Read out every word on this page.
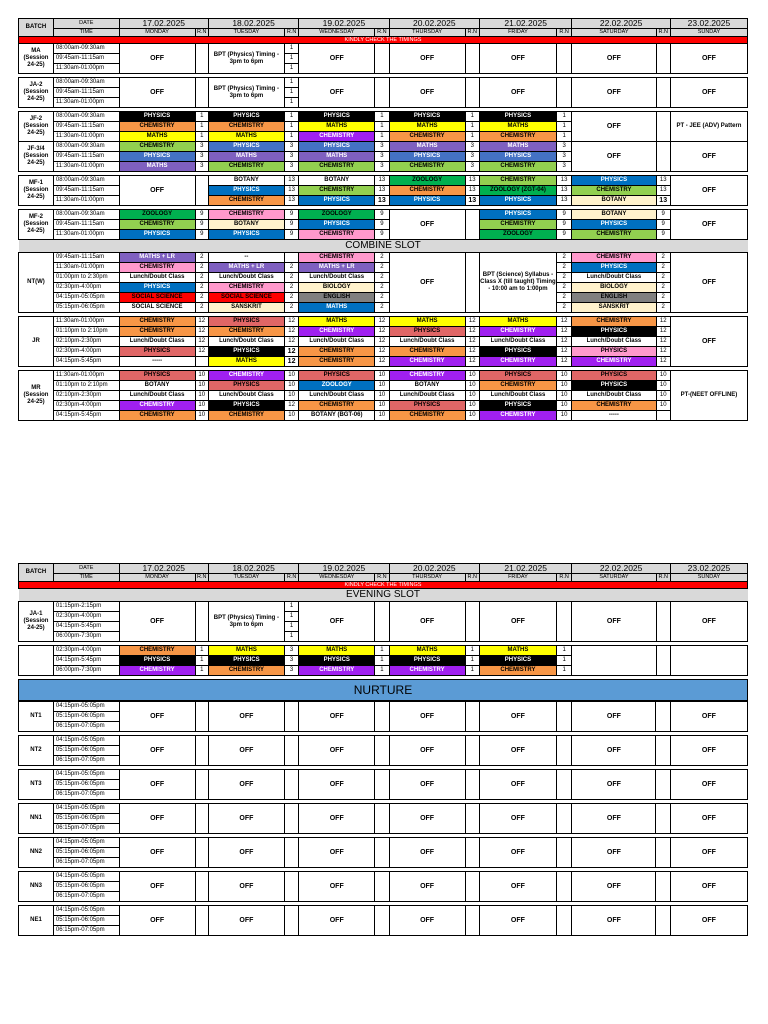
BATCH	DATE	17.02.2025		18.02.2025		19.02.2025		20.02.2025		21.02.2025		22.02.2025		23.02.2025
	TIME	MONDAY	R.N	TUESDAY	R.N	WEDNESDAY	R.N	THURSDAY	R.N	FRIDAY	R.N	SATURDAY	R.N	SUNDAY
KINDLY CHECK THE TIMINGS														
MA (Session 24-25)	08:00am-09:30am	OFF		BPT (Physics) Timing - 3pm to 6pm	1	OFF		OFF		OFF		OFF		OFF
	09:45am-11:15am				1									
	11:30am-01:00pm				1									

JA-2 (Session 24-25)	08:00am-09:30am	OFF		BPT (Physics) Timing - 3pm to 6pm	1	OFF		OFF		OFF		OFF		OFF
	09:45am-11:15am				1									
	11:30am-01:00pm				1									

JF-2 (Session 24-25)	08:00am-09:30am	PHYSICS	1	PHYSICS	1	PHYSICS	1	PHYSICS	1	PHYSICS	1	OFF		PT - JEE (ADV) Pattern
	09:45am-11:15am	CHEMISTRY	1	CHEMISTRY	1	MATHS	1	MATHS	1	MATHS	1			
	11:30am-01:00pm	MATHS	1	MATHS	1	CHEMISTRY	1	CHEMISTRY	1	CHEMISTRY	1			
JF-3/4 (Session 24-25)	08:00am-09:30am	CHEMISTRY	3	PHYSICS	3	PHYSICS	3	MATHS	3	MATHS	3	OFF		OFF
	09:45am-11:15am	PHYSICS	3	MATHS	3	MATHS	3	PHYSICS	3	PHYSICS	3			
	11:30am-01:00pm	MATHS	3	CHEMISTRY	3	CHEMISTRY	3	CHEMISTRY	3	CHEMISTRY	3			

MF-1 (Session 24-25)	08:00am-09:30am	OFF		BOTANY	13	BOTANY	13	ZOOLOGY	13	CHEMISTRY	13	PHYSICS	13	OFF
	09:45am-11:15am			PHYSICS	13	CHEMISTRY	13	CHEMISTRY	13	ZOOLOGY (ZGT-04)	13	CHEMISTRY	13	
	11:30am-01:00pm			CHEMISTRY	13	PHYSICS	13	PHYSICS	13	PHYSICS	13	BOTANY	13	

MF-2 (Session 24-25)	08:00am-09:30am	ZOOLOGY	9	CHEMISTRY	9	ZOOLOGY	9	OFF		PHYSICS	9	BOTANY	9	OFF
	09:45am-11:15am	CHEMISTRY	9	BOTANY	9	PHYSICS	9			CHEMISTRY	9	PHYSICS	9	
	11:30am-01:00pm	PHYSICS	9	PHYSICS	9	CHEMISTRY	9			ZOOLOGY	9	CHEMISTRY	9	
COMBINE SLOT														
NT(W)	09:45am-11:15am	MATHS + LR	2	--		CHEMISTRY	2	OFF		BPT (Science) Syllabus - Class X (till taught) Timing - 10:00 am to 1:00pm	2	CHEMISTRY	2	OFF
	11:30am-01:00pm	CHEMISTRY	2	MATHS + LR	2	MATHS + LR	2				2	PHYSICS	2	
	01:00pm to 2:30pm	Lunch/Doubt Class	2	Lunch/Doubt Class	2	Lunch/Doubt Class	2				2	Lunch/Doubt Class	2	
	02:30pm-4:00pm	PHYSICS	2	CHEMISTRY	2	BIOLOGY	2				2	BIOLOGY	2	
	04:15pm-05:05pm	SOCIAL SCIENCE	2	SOCIAL SCIENCE	2	ENGLISH	2				2	ENGLISH	2	
	05:15pm-06:05pm	SOCIAL SCIENCE	2	SANSKRIT	2	MATHS	2				2	SANSKRIT	2	

JR	11:30am-01:00pm	CHEMISTRY	12	PHYSICS	12	MATHS	12	MATHS	12	MATHS	12	CHEMISTRY	12	OFF
	01:10pm to 2:10pm	CHEMISTRY	12	CHEMISTRY	12	CHEMISTRY	12	PHYSICS	12	CHEMISTRY	12	PHYSICS	12	
	02:10pm-2:30pm	Lunch/Doubt Class	12	Lunch/Doubt Class	12	Lunch/Doubt Class	12	Lunch/Doubt Class	12	Lunch/Doubt Class	12	Lunch/Doubt Class	12	
	02:30pm-4:00pm	PHYSICS	12	PHYSICS	12	CHEMISTRY	12	CHEMISTRY	12	PHYSICS	12	PHYSICS	12	
	04:15pm-5:45pm	-----		MATHS	12	CHEMISTRY	12	CHEMISTRY	12	CHEMISTRY	12	CHEMISTRY	12	

MR (Session 24-25)	11:30am-01:00pm	PHYSICS	10	CHEMISTRY	10	PHYSICS	10	CHEMISTRY	10	PHYSICS	10	PHYSICS	10	PT-(NEET OFFLINE)
	01:10pm to 2:10pm	BOTANY	10	PHYSICS	10	ZOOLOGY	10	BOTANY	10	CHEMISTRY	10	PHYSICS	10	
	02:10pm-2:30pm	Lunch/Doubt Class	10	Lunch/Doubt Class	10	Lunch/Doubt Class	10	Lunch/Doubt Class	10	Lunch/Doubt Class	10	Lunch/Doubt Class	10	
	02:30pm-4:00pm	CHEMISTRY	10	PHYSICS	12	CHEMISTRY	10	PHYSICS	10	PHYSICS	10	CHEMISTRY	10	
	04:15pm-5:45pm	CHEMISTRY	10	CHEMISTRY	10	BOTANY (BGT-06)	10	CHEMISTRY	10	CHEMISTRY	10	-----		
BATCH	DATE	17.02.2025		18.02.2025		19.02.2025		20.02.2025		21.02.2025		22.02.2025		23.02.2025
	TIME	MONDAY	R.N	TUESDAY	R.N	WEDNESDAY	R.N	THURSDAY	R.N	FRIDAY	R.N	SATURDAY	R.N	SUNDAY
KINDLY CHECK THE TIMINGS														
EVENING SLOT														
JA-1 (Session 24-25)	01:15pm-2:15pm	OFF		BPT (Physics) Timing - 3pm to 6pm	1	OFF		OFF		OFF		OFF		OFF
	02:30pm-4:00pm				1									
	04:15pm-5:45pm				1									
	06:00pm-7:30pm				1									

	02:30pm-4:00pm	CHEMISTRY	1	MATHS	3	MATHS	1	MATHS	1	MATHS	1			
	04:15pm-5:45pm	PHYSICS	1	PHYSICS	3	PHYSICS	1	PHYSICS	1	PHYSICS	1			
	06:00pm-7:30pm	CHEMISTRY	1	CHEMISTRY	3	CHEMISTRY	1	CHEMISTRY	1	CHEMISTRY	1			

NURTURE														
NT1	04:15pm-05:05pm	OFF		OFF		OFF		OFF		OFF		OFF		OFF
	05:15pm-06:05pm													
	06:15pm-07:05pm													

NT2	04:15pm-05:05pm	OFF		OFF		OFF		OFF		OFF		OFF		OFF
	05:15pm-06:05pm													
	06:15pm-07:05pm													

NT3	04:15pm-05:05pm	OFF		OFF		OFF		OFF		OFF		OFF		OFF
	05:15pm-06:05pm													
	06:15pm-07:05pm													

NN1	04:15pm-05:05pm	OFF		OFF		OFF		OFF		OFF		OFF		OFF
	05:15pm-06:05pm													
	06:15pm-07:05pm													

NN2	04:15pm-05:05pm	OFF		OFF		OFF		OFF		OFF		OFF		OFF
	05:15pm-06:05pm													
	06:15pm-07:05pm													

NN3	04:15pm-05:05pm	OFF		OFF		OFF		OFF		OFF		OFF		OFF
	05:15pm-06:05pm													
	06:15pm-07:05pm													

NE1	04:15pm-05:05pm	OFF		OFF		OFF		OFF		OFF		OFF		OFF
	05:15pm-06:05pm													
	06:15pm-07:05pm													
